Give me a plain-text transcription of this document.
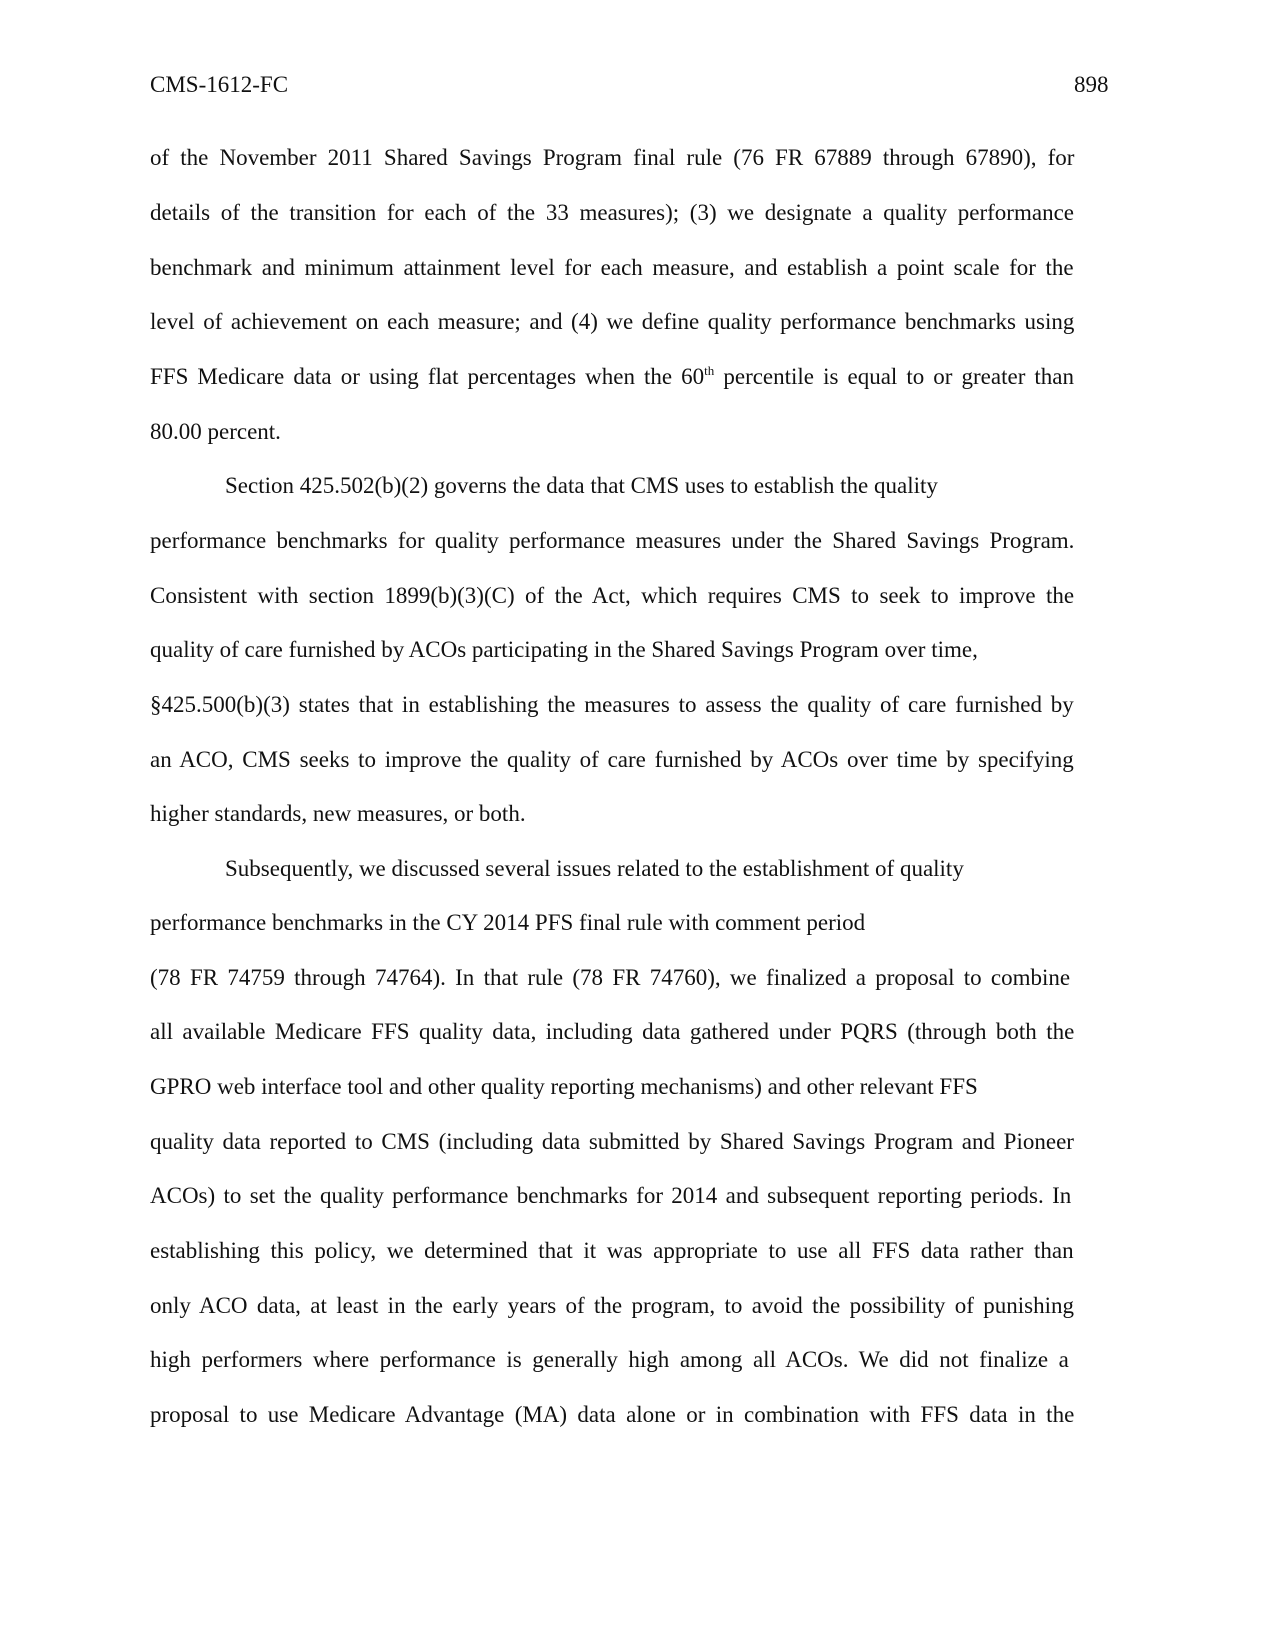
CMS-1612-FC	898
of the November 2011 Shared Savings Program final rule (76 FR 67889 through 67890), for
details of the transition for each of the 33 measures); (3) we designate a quality performance
benchmark and minimum attainment level for each measure, and establish a point scale for the
level of achievement on each measure; and (4) we define quality performance benchmarks using
FFS Medicare data or using flat percentages when the 60th percentile is equal to or greater than
80.00 percent.
Section 425.502(b)(2) governs the data that CMS uses to establish the quality
performance benchmarks for quality performance measures under the Shared Savings Program.
Consistent with section 1899(b)(3)(C) of the Act, which requires CMS to seek to improve the
quality of care furnished by ACOs participating in the Shared Savings Program over time,
§425.500(b)(3) states that in establishing the measures to assess the quality of care furnished by
an ACO, CMS seeks to improve the quality of care furnished by ACOs over time by specifying
higher standards, new measures, or both.
Subsequently, we discussed several issues related to the establishment of quality
performance benchmarks in the CY 2014 PFS final rule with comment period
(78 FR 74759 through 74764). In that rule (78 FR 74760), we finalized a proposal to combine
all available Medicare FFS quality data, including data gathered under PQRS (through both the
GPRO web interface tool and other quality reporting mechanisms) and other relevant FFS
quality data reported to CMS (including data submitted by Shared Savings Program and Pioneer
ACOs) to set the quality performance benchmarks for 2014 and subsequent reporting periods. In
establishing this policy, we determined that it was appropriate to use all FFS data rather than
only ACO data, at least in the early years of the program, to avoid the possibility of punishing
high performers where performance is generally high among all ACOs. We did not finalize a
proposal to use Medicare Advantage (MA) data alone or in combination with FFS data in the
